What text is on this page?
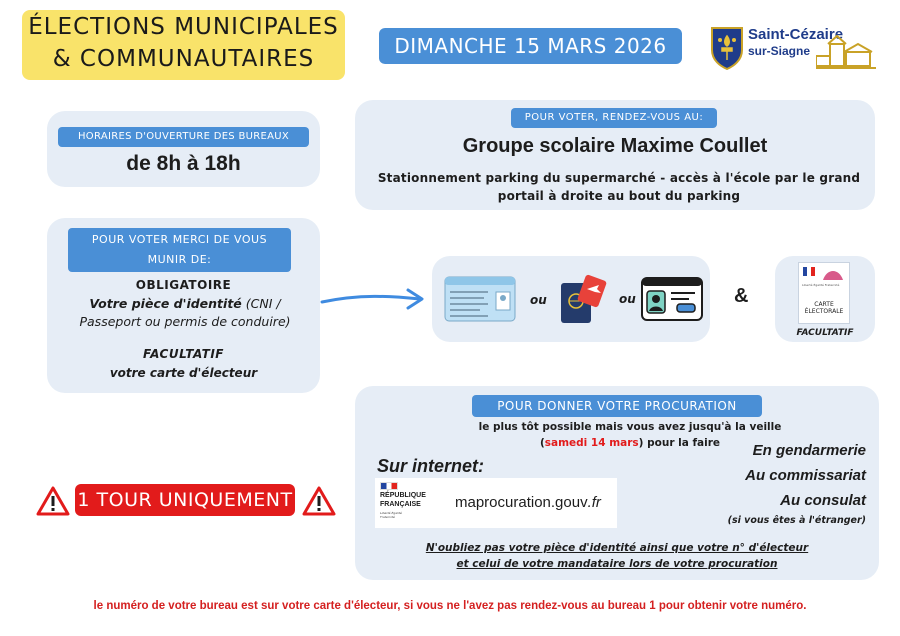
ÉLECTIONS MUNICIPALES
& COMMUNAUTAIRES	DIMANCHE 15 MARS 2026	Saint-Cézaire
sur-Siagne
HORAIRES D'OUVERTURE DES BUREAUX
de 8h à 18h
POUR VOTER, RENDEZ-VOUS AU:
Groupe scolaire Maxime Coullet
Stationnement parking du supermarché - accès à l'école par le grand portail à droite au bout du parking
POUR VOTER MERCI DE VOUS MUNIR DE:
OBLIGATOIRE
Votre pièce d'identité (CNI / Passeport ou permis de conduire)
FACULTATIF
votre carte d'électeur
ou	ou	&	Liberté Égalité Fraternité
CARTE
ÉLECTORALE
FACULTATIF
1 TOUR UNIQUEMENT
POUR DONNER VOTRE PROCURATION
le plus tôt possible mais vous avez jusqu'à la veille
(samedi 14 mars) pour la faire
Sur internet:
RÉPUBLIQUE
FRANÇAISE
Liberté Égalité Fraternité
maprocuration.gouv.fr
En gendarmerie
Au commissariat
Au consulat
(si vous êtes à l'étranger)
N'oubliez pas votre pièce d'identité ainsi que votre n° d'électeur
et celui de votre mandataire lors de votre procuration
le numéro de votre bureau est sur votre carte d'électeur, si vous ne l'avez pas rendez-vous au bureau 1 pour obtenir votre numéro.
